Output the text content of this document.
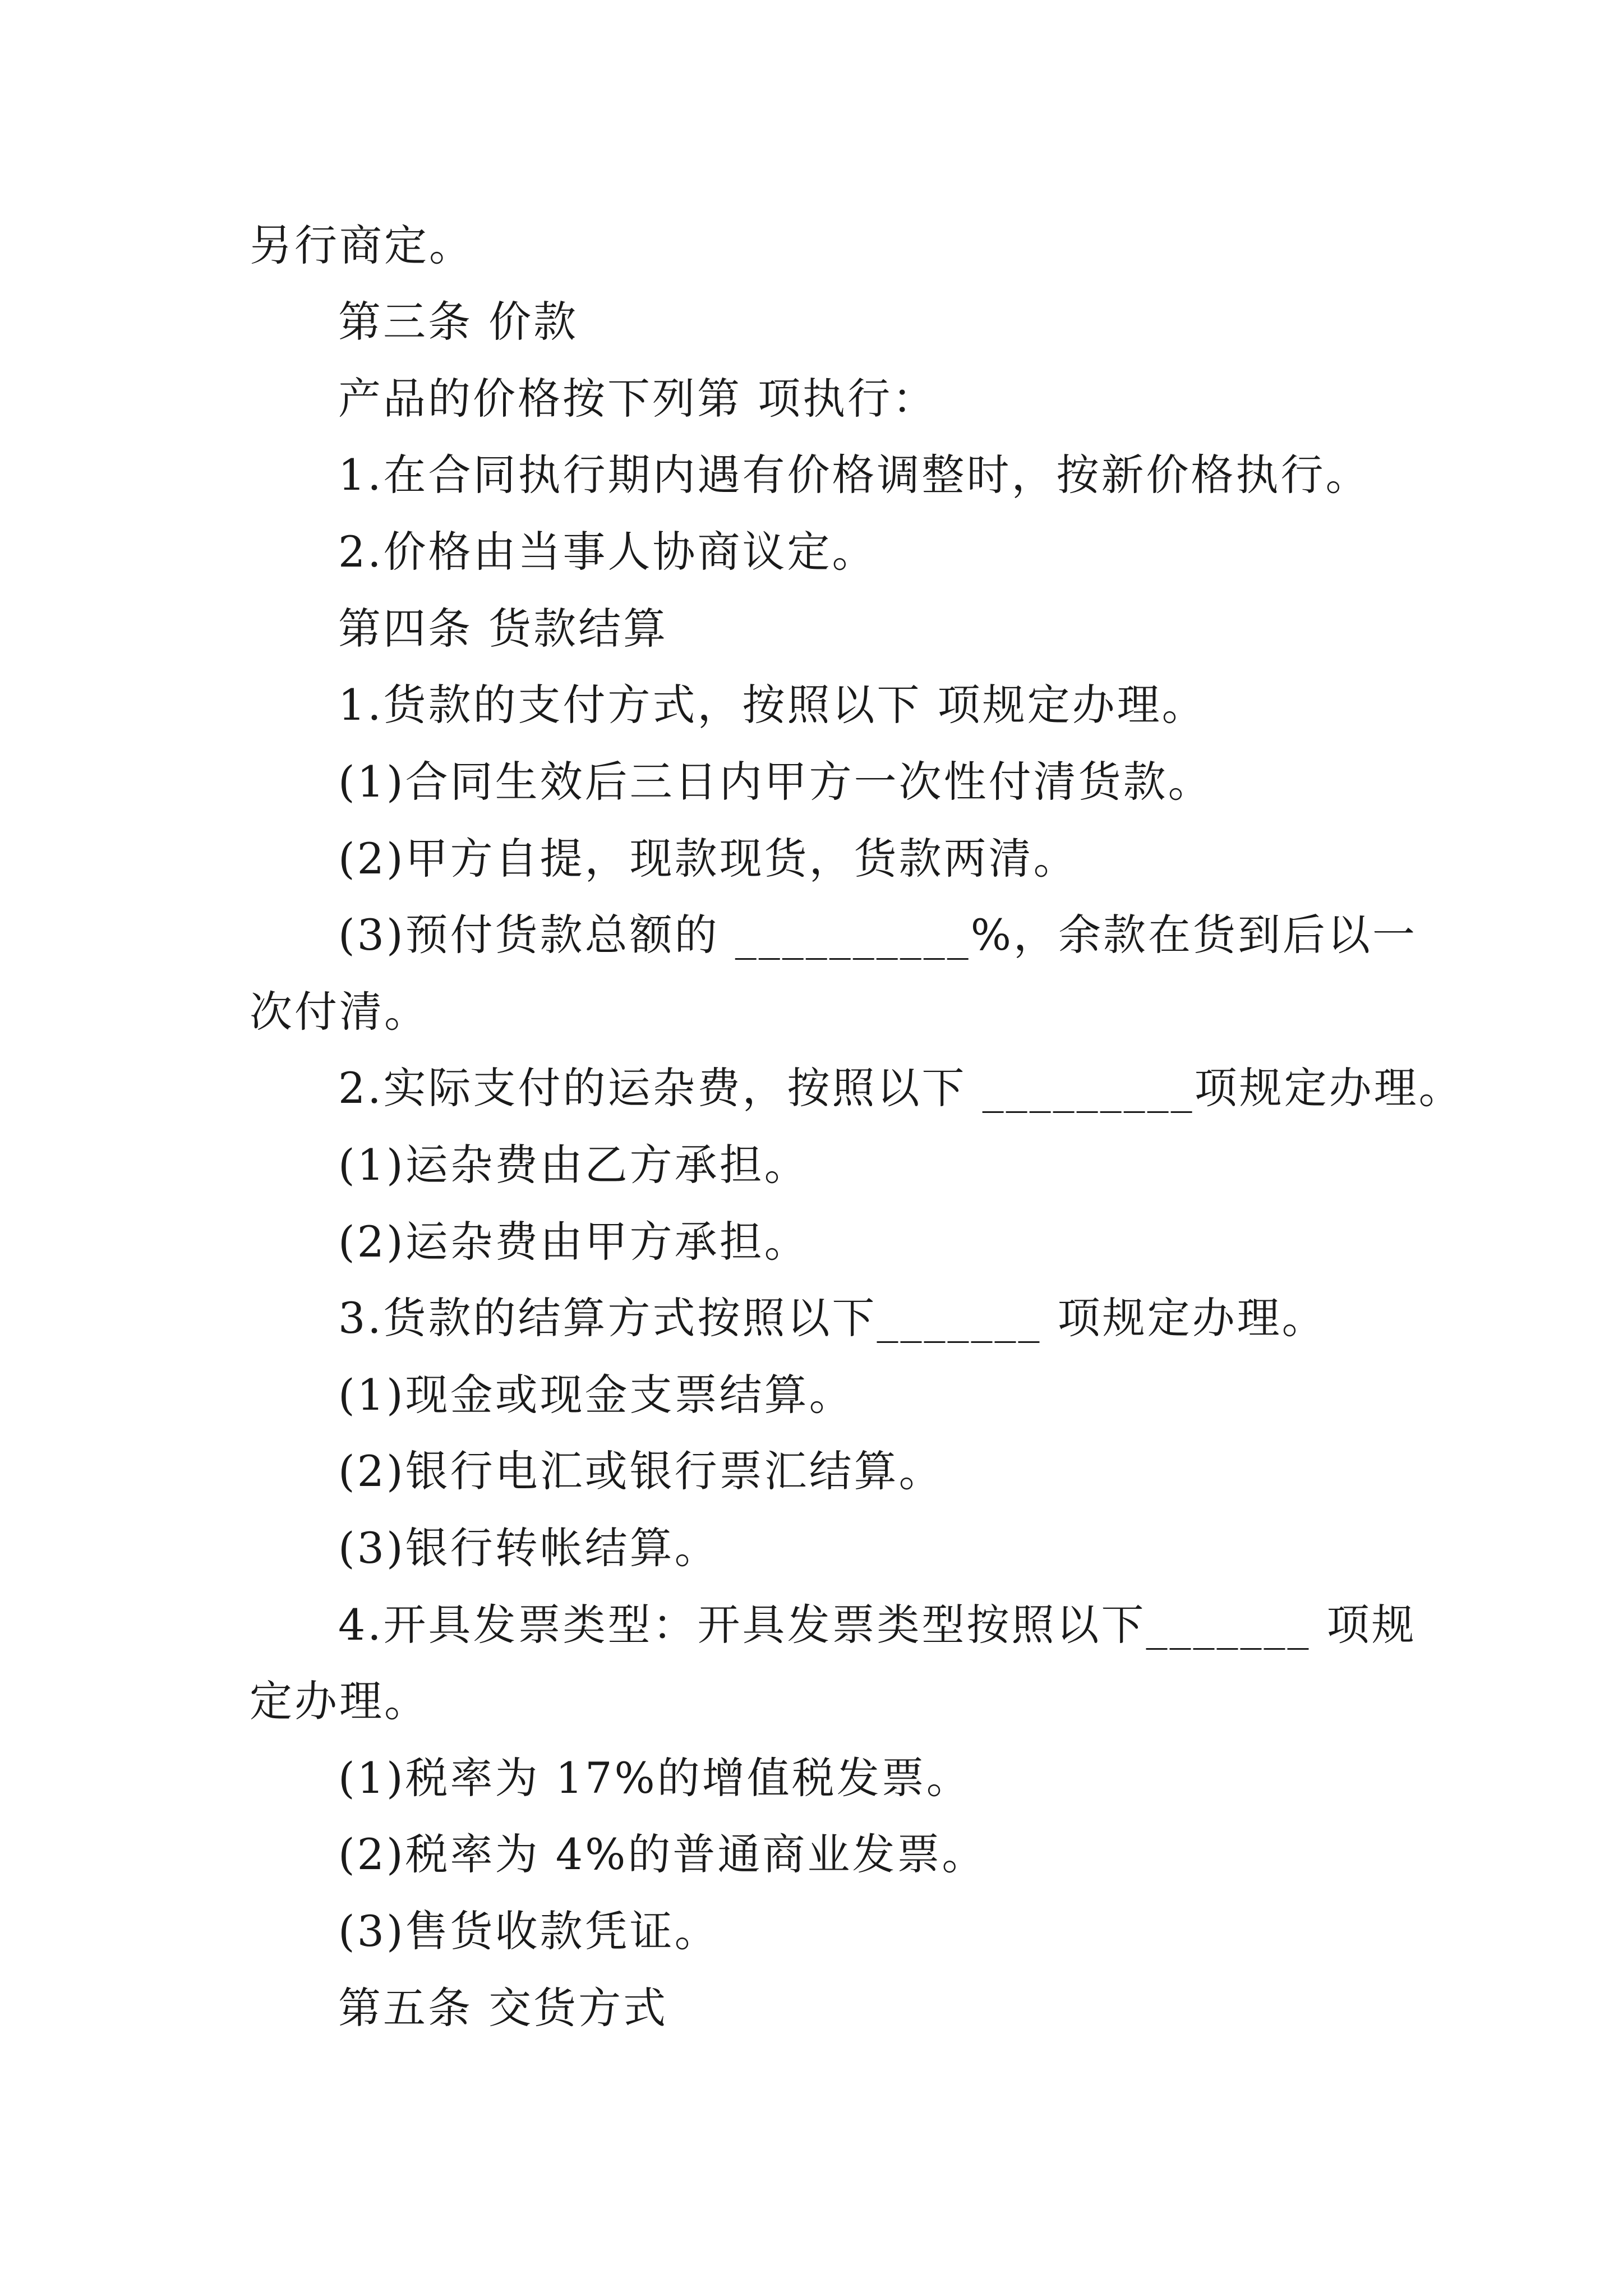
另行商定。
第三条 价款
产品的价格按下列第 项执行：
1.在合同执行期内遇有价格调整时，按新价格执行。
2.价格由当事人协商议定。
第四条 货款结算
1.货款的支付方式，按照以下 项规定办理。
(1)合同生效后三日内甲方一次性付清货款。
(2)甲方自提，现款现货，货款两清。
(3)预付货款总额的 __________%，余款在货到后以一
次付清。
2.实际支付的运杂费，按照以下 _________项规定办理。
(1)运杂费由乙方承担。
(2)运杂费由甲方承担。
3.货款的结算方式按照以下_______ 项规定办理。
(1)现金或现金支票结算。
(2)银行电汇或银行票汇结算。
(3)银行转帐结算。
4.开具发票类型：开具发票类型按照以下_______ 项规
定办理。
(1)税率为 17%的增值税发票。
(2)税率为 4%的普通商业发票。
(3)售货收款凭证。
第五条 交货方式
